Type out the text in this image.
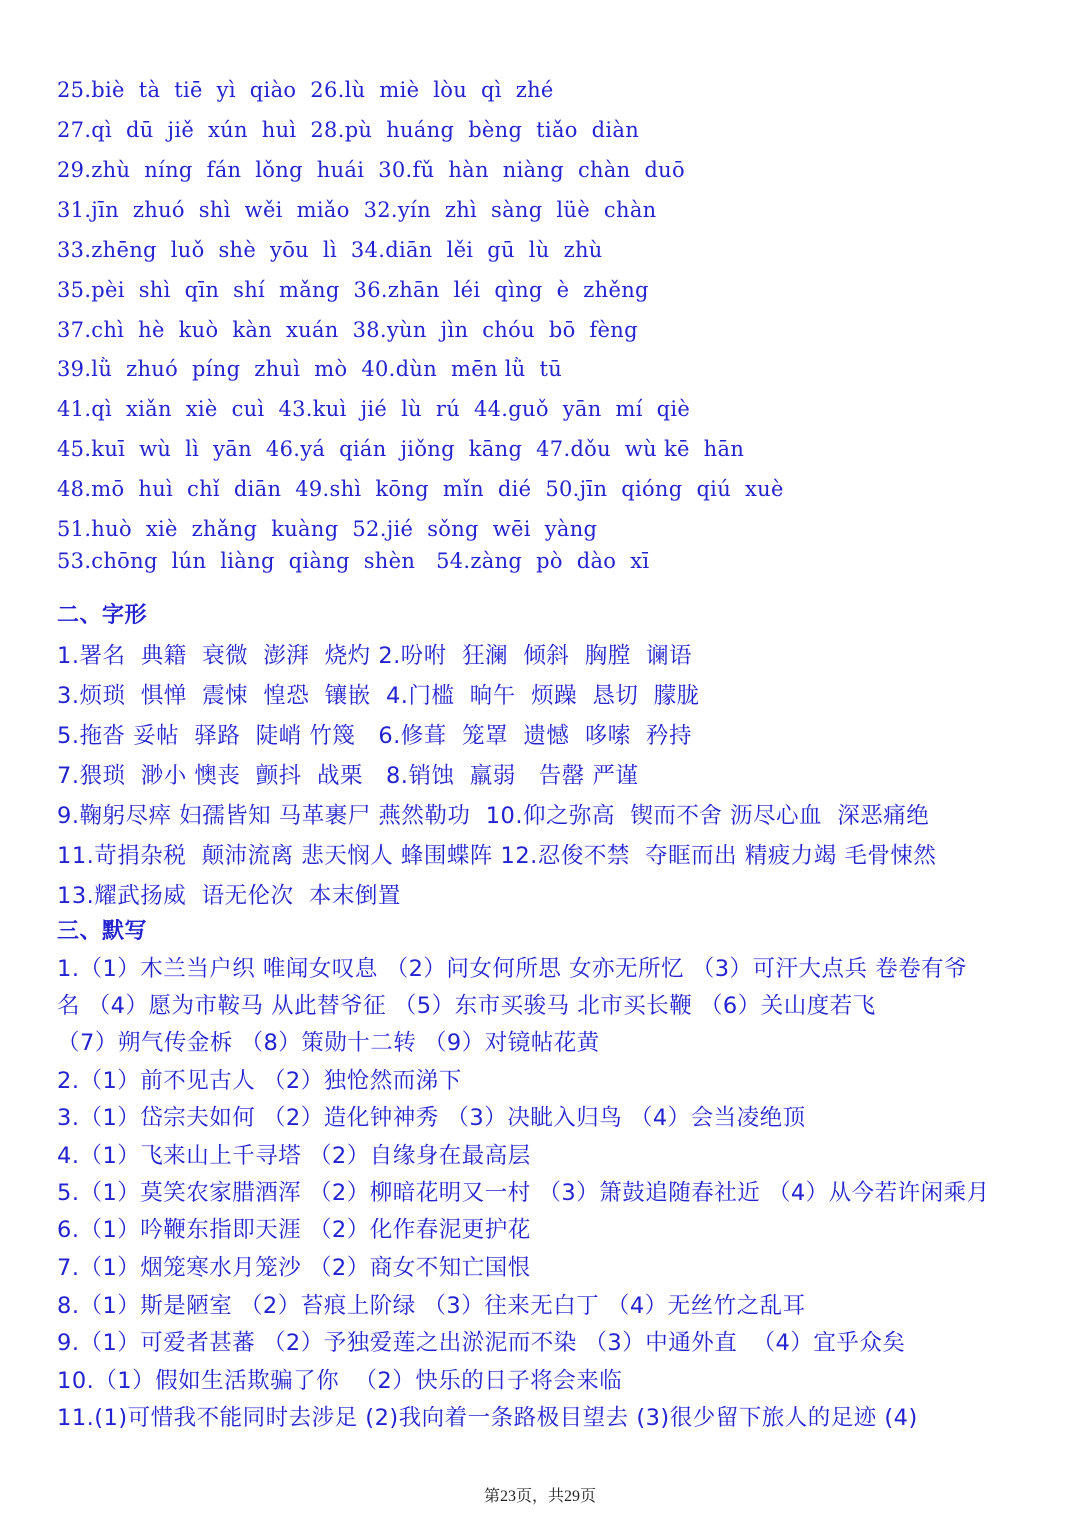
25.biè  tà  tiē  yì  qiào  26.lù  miè  lòu  qì  zhé
27.qì  dū  jiě  xún  huì  28.pù  huáng  bèng  tiǎo  diàn
29.zhù  níng  fán  lǒng  huái  30.fǔ  hàn  niàng  chàn  duō
31.jīn  zhuó  shì  wěi  miǎo  32.yín  zhì  sàng  lüè  chàn
33.zhēng  luǒ  shè  yōu  lì  34.diān  lěi  gū  lù  zhù
35.pèi  shì  qīn  shí  mǎng  36.zhān  léi  qìng  è  zhěng
37.chì  hè  kuò  kàn  xuán  38.yùn  jìn  chóu  bō  fèng
39.lǜ  zhuó  píng  zhuì  mò  40.dùn  mēn lǜ  tū
41.qì  xiǎn  xiè  cuì  43.kuì  jié  lù  rú  44.guǒ  yān  mí  qiè
45.kuī  wù  lì  yān  46.yá  qián  jiǒng  kāng  47.dǒu  wù kē  hān
48.mō  huì  chǐ  diān  49.shì  kōng  mǐn  dié  50.jīn  qióng  qiú  xuè
51.huò  xiè  zhǎng  kuàng  52.jié  sǒng  wēi  yàng
53.chōng  lún  liàng  qiàng  shèn   54.zàng  pò  dào  xī
二、字形
1.署名  典籍  衰微  澎湃  烧灼 2.吩咐  狂澜  倾斜  胸膛  谰语
3.烦琐  惧惮  震悚  惶恐  镶嵌  4.门槛  晌午  烦躁  恳切  朦胧
5.拖沓 妥帖  驿路  陡峭 竹篾   6.修葺  笼罩  遗憾  哆嗦  矜持
7.猥琐  渺小 懊丧  颤抖  战栗   8.销蚀  羸弱   告罄 严谨
9.鞠躬尽瘁 妇孺皆知 马革裹尸 燕然勒功  10.仰之弥高  锲而不舍 沥尽心血  深恶痛绝
11.苛捐杂税  颠沛流离 悲天悯人 蜂围蝶阵 12.忍俊不禁  夺眶而出 精疲力竭 毛骨悚然
13.耀武扬威  语无伦次  本末倒置
三、默写
1.（1）木兰当户织 唯闻女叹息 （2）问女何所思 女亦无所忆 （3）可汗大点兵 卷卷有爷
名 （4）愿为市鞍马 从此替爷征 （5）东市买骏马 北市买长鞭 （6）关山度若飞
（7）朔气传金柝 （8）策勋十二转 （9）对镜帖花黄
2.（1）前不见古人 （2）独怆然而涕下
3.（1）岱宗夫如何 （2）造化钟神秀 （3）决眦入归鸟 （4）会当凌绝顶
4.（1）飞来山上千寻塔 （2）自缘身在最高层
5.（1）莫笑农家腊酒浑 （2）柳暗花明又一村 （3）箫鼓追随春社近 （4）从今若许闲乘月
6.（1）吟鞭东指即天涯 （2）化作春泥更护花
7.（1）烟笼寒水月笼沙 （2）商女不知亡国恨
8.（1）斯是陋室 （2）苔痕上阶绿 （3）往来无白丁 （4）无丝竹之乱耳
9.（1）可爱者甚蕃 （2）予独爱莲之出淤泥而不染 （3）中通外直  （4）宜乎众矣
10.（1）假如生活欺骗了你  （2）快乐的日子将会来临
11.(1)可惜我不能同时去涉足 (2)我向着一条路极目望去 (3)很少留下旅人的足迹 (4)
第23页，共29页
